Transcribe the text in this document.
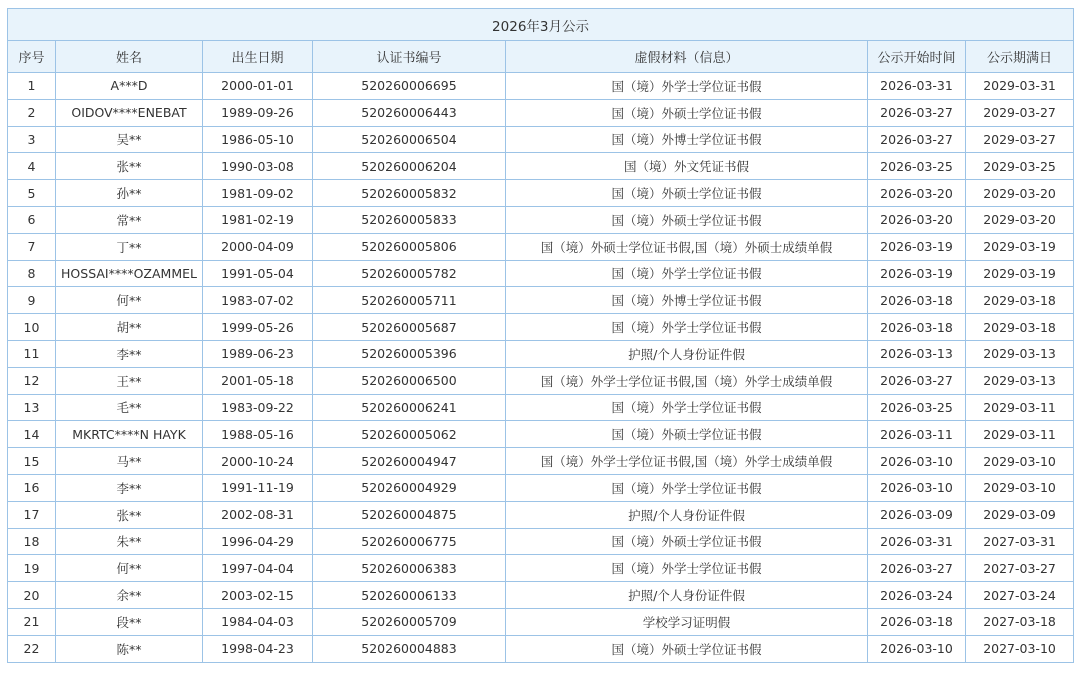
2026年3月公示						
序号	姓名	出生日期	认证书编号	虚假材料（信息）	公示开始时间	公示期满日
1	A***D	2000-01-01	520260006695	国（境）外学士学位证书假	2026-03-31	2029-03-31
2	OIDOV****ENEBAT	1989-09-26	520260006443	国（境）外硕士学位证书假	2026-03-27	2029-03-27
3	吴**	1986-05-10	520260006504	国（境）外博士学位证书假	2026-03-27	2029-03-27
4	张**	1990-03-08	520260006204	国（境）外文凭证书假	2026-03-25	2029-03-25
5	孙**	1981-09-02	520260005832	国（境）外硕士学位证书假	2026-03-20	2029-03-20
6	常**	1981-02-19	520260005833	国（境）外硕士学位证书假	2026-03-20	2029-03-20
7	丁**	2000-04-09	520260005806	国（境）外硕士学位证书假,国（境）外硕士成绩单假	2026-03-19	2029-03-19
8	HOSSAI****OZAMMEL	1991-05-04	520260005782	国（境）外学士学位证书假	2026-03-19	2029-03-19
9	何**	1983-07-02	520260005711	国（境）外博士学位证书假	2026-03-18	2029-03-18
10	胡**	1999-05-26	520260005687	国（境）外学士学位证书假	2026-03-18	2029-03-18
11	李**	1989-06-23	520260005396	护照/个人身份证件假	2026-03-13	2029-03-13
12	王**	2001-05-18	520260006500	国（境）外学士学位证书假,国（境）外学士成绩单假	2026-03-27	2029-03-13
13	毛**	1983-09-22	520260006241	国（境）外学士学位证书假	2026-03-25	2029-03-11
14	MKRTC****N HAYK	1988-05-16	520260005062	国（境）外硕士学位证书假	2026-03-11	2029-03-11
15	马**	2000-10-24	520260004947	国（境）外学士学位证书假,国（境）外学士成绩单假	2026-03-10	2029-03-10
16	李**	1991-11-19	520260004929	国（境）外学士学位证书假	2026-03-10	2029-03-10
17	张**	2002-08-31	520260004875	护照/个人身份证件假	2026-03-09	2029-03-09
18	朱**	1996-04-29	520260006775	国（境）外硕士学位证书假	2026-03-31	2027-03-31
19	何**	1997-04-04	520260006383	国（境）外学士学位证书假	2026-03-27	2027-03-27
20	余**	2003-02-15	520260006133	护照/个人身份证件假	2026-03-24	2027-03-24
21	段**	1984-04-03	520260005709	学校学习证明假	2026-03-18	2027-03-18
22	陈**	1998-04-23	520260004883	国（境）外硕士学位证书假	2026-03-10	2027-03-10
